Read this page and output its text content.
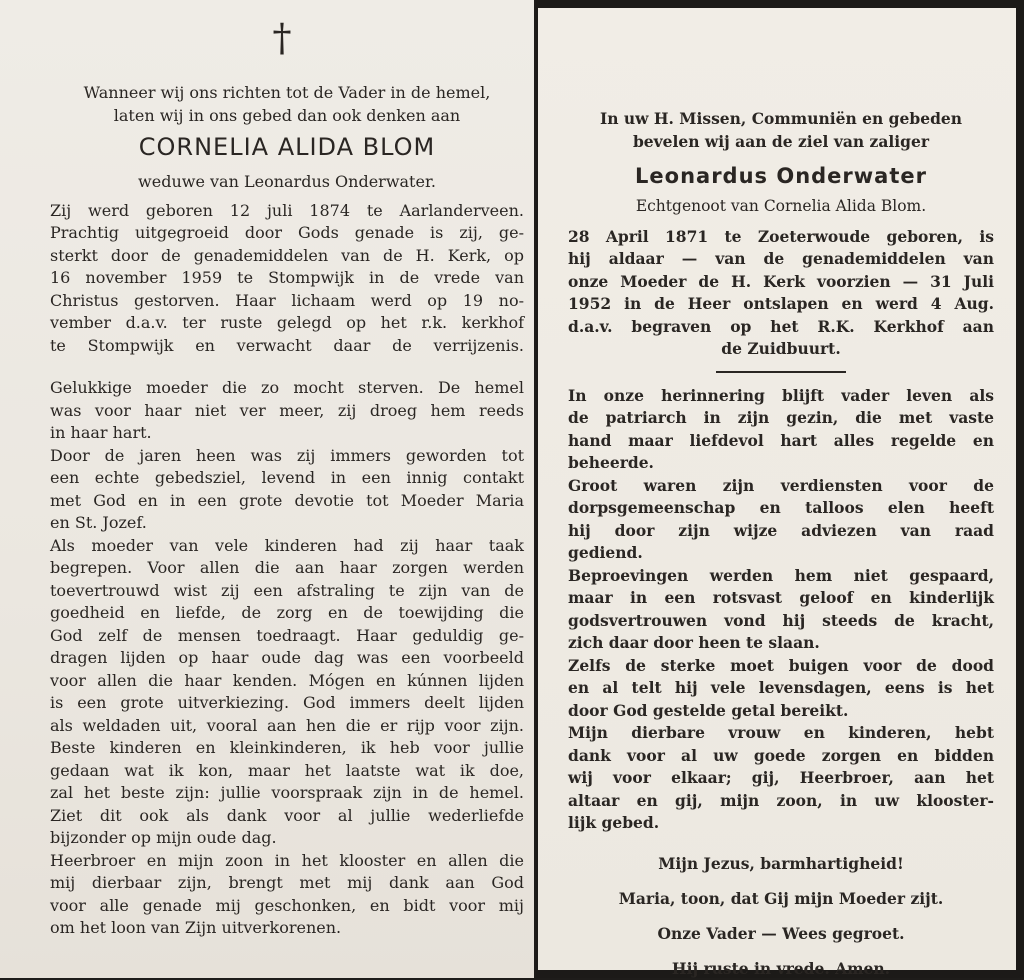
†
Wanneer wij ons richten tot de Vader in de hemel,
laten wij in ons gebed dan ook denken aan
CORNELIA ALIDA BLOM
weduwe van Leonardus Onderwater.
Zij werd geboren 12 juli 1874 te Aarlanderveen.
Prachtig uitgegroeid door Gods genade is zij, ge-
sterkt door de genademiddelen van de H. Kerk, op
16 november 1959 te Stompwijk in de vrede van
Christus gestorven. Haar lichaam werd op 19 no-
vember d.a.v. ter ruste gelegd op het r.k. kerkhof
te Stompwijk en verwacht daar de verrijzenis.
Gelukkige moeder die zo mocht sterven. De hemel
was voor haar niet ver meer, zij droeg hem reeds
in haar hart.
Door de jaren heen was zij immers geworden tot
een echte gebedsziel, levend in een innig contakt
met God en in een grote devotie tot Moeder Maria
en St. Jozef.
Als moeder van vele kinderen had zij haar taak
begrepen. Voor allen die aan haar zorgen werden
toevertrouwd wist zij een afstraling te zijn van de
goedheid en liefde, de zorg en de toewijding die
God zelf de mensen toedraagt. Haar geduldig ge-
dragen lijden op haar oude dag was een voorbeeld
voor allen die haar kenden. Mógen en kúnnen lijden
is een grote uitverkiezing. God immers deelt lijden
als weldaden uit, vooral aan hen die er rijp voor zijn.
Beste kinderen en kleinkinderen, ik heb voor jullie
gedaan wat ik kon, maar het laatste wat ik doe,
zal het beste zijn: jullie voorspraak zijn in de hemel.
Ziet dit ook als dank voor al jullie wederliefde
bijzonder op mijn oude dag.
Heerbroer en mijn zoon in het klooster en allen die
mij dierbaar zijn, brengt met mij dank aan God
voor alle genade mij geschonken, en bidt voor mij
om het loon van Zijn uitverkorenen.
In uw H. Missen, Communiën en gebeden
bevelen wij aan de ziel van zaliger
Leonardus Onderwater
Echtgenoot van Cornelia Alida Blom.
28 April 1871 te Zoeterwoude geboren, is
hij aldaar — van de genademiddelen van
onze Moeder de H. Kerk voorzien — 31 Juli
1952 in de Heer ontslapen en werd 4 Aug.
d.a.v. begraven op het R.K. Kerkhof aan
de Zuidbuurt.
In onze herinnering blijft vader leven als
de patriarch in zijn gezin, die met vaste
hand maar liefdevol hart alles regelde en
beheerde.
Groot waren zijn verdiensten voor de
dorpsgemeenschap en talloos elen heeft
hij door zijn wijze adviezen van raad
gediend.
Beproevingen werden hem niet gespaard,
maar in een rotsvast geloof en kinderlijk
godsvertrouwen vond hij steeds de kracht,
zich daar door heen te slaan.
Zelfs de sterke moet buigen voor de dood
en al telt hij vele levensdagen, eens is het
door God gestelde getal bereikt.
Mijn dierbare vrouw en kinderen, hebt
dank voor al uw goede zorgen en bidden
wij voor elkaar; gij, Heerbroer, aan het
altaar en gij, mijn zoon, in uw klooster-
lijk gebed.
Mijn Jezus, barmhartigheid!
Maria, toon, dat Gij mijn Moeder zijt.
Onze Vader — Wees gegroet.
Hij ruste in vrede. Amen.
